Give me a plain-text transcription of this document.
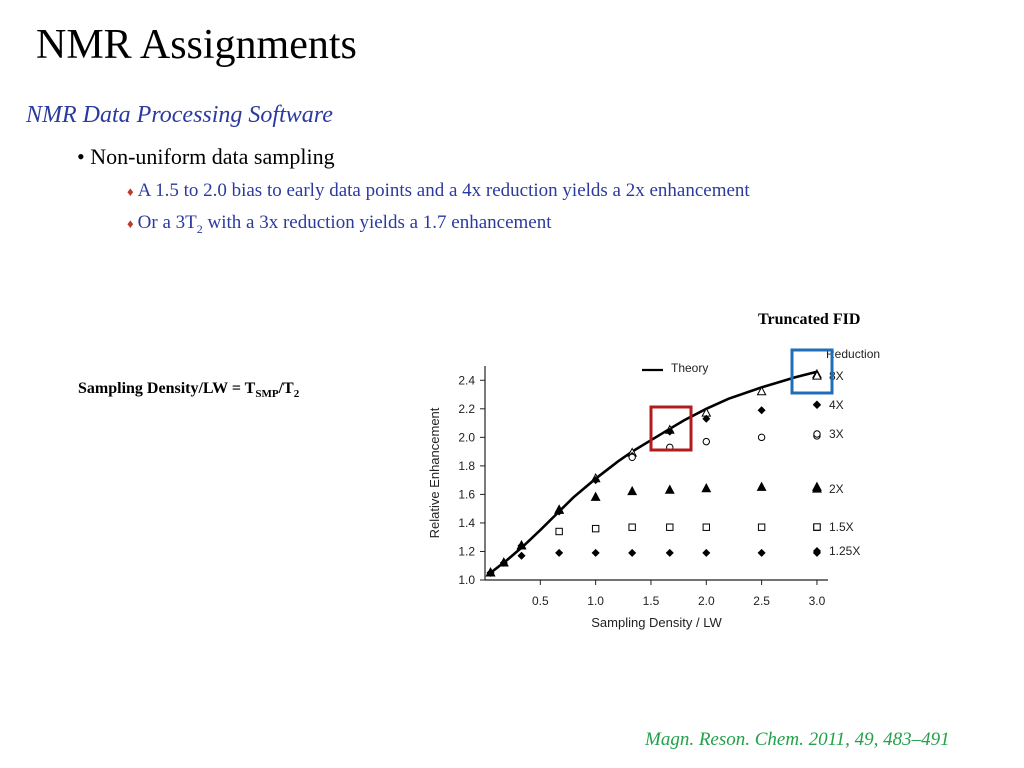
NMR Assignments
NMR Data Processing Software
• Non-uniform data sampling
♦ A 1.5 to 2.0 bias to early data points and a 4x reduction yields a 2x enhancement
♦ Or a $3T_2$ with a 3x reduction yields a 1.7 enhancement
Sampling Density/LW = $T_{SMP}/T_2$
Truncated FID
0.5	1.0	1.5	2.0	2.5	3.0
1.0
1.2
1.4
1.6
1.8
2.0
2.2
2.4
Sampling Density / LW
Relative Enhancement
Theory
Reduction
8X
4X
3X
2X
1.5X
1.25X
Magn. Reson. Chem. 2011, 49, 483–491
